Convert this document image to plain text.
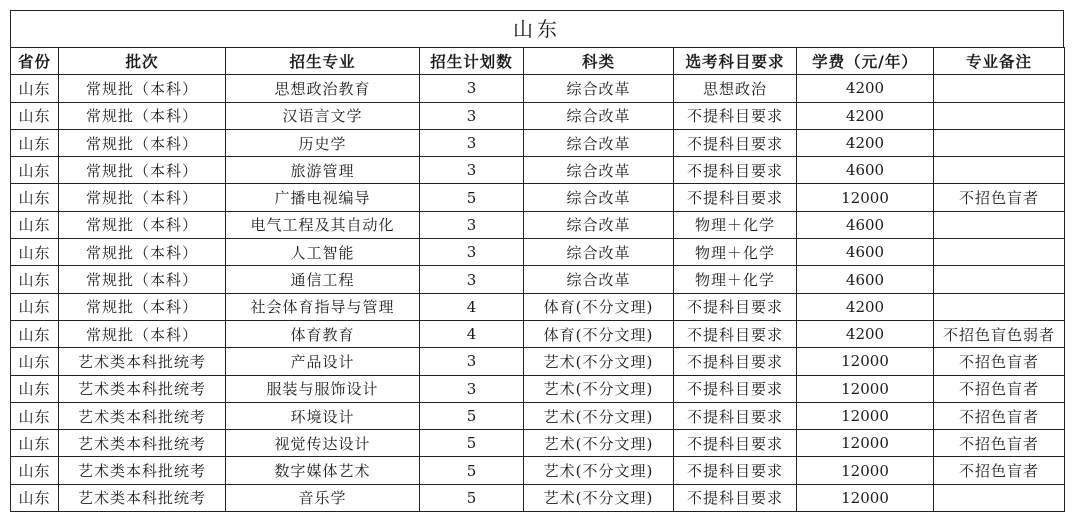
山东
省份	批次	招生专业	招生计划数	科类	选考科目要求	学费（元/年）	专业备注
山东	常规批（本科）	思想政治教育	3	综合改革	思想政治	4200	
山东	常规批（本科）	汉语言文学	3	综合改革	不提科目要求	4200	
山东	常规批（本科）	历史学	3	综合改革	不提科目要求	4200	
山东	常规批（本科）	旅游管理	3	综合改革	不提科目要求	4600	
山东	常规批（本科）	广播电视编导	5	综合改革	不提科目要求	12000	不招色盲者
山东	常规批（本科）	电气工程及其自动化	3	综合改革	物理＋化学	4600	
山东	常规批（本科）	人工智能	3	综合改革	物理＋化学	4600	
山东	常规批（本科）	通信工程	3	综合改革	物理＋化学	4600	
山东	常规批（本科）	社会体育指导与管理	4	体育(不分文理)	不提科目要求	4200	
山东	常规批（本科）	体育教育	4	体育(不分文理)	不提科目要求	4200	不招色盲色弱者
山东	艺术类本科批统考	产品设计	3	艺术(不分文理)	不提科目要求	12000	不招色盲者
山东	艺术类本科批统考	服装与服饰设计	3	艺术(不分文理)	不提科目要求	12000	不招色盲者
山东	艺术类本科批统考	环境设计	5	艺术(不分文理)	不提科目要求	12000	不招色盲者
山东	艺术类本科批统考	视觉传达设计	5	艺术(不分文理)	不提科目要求	12000	不招色盲者
山东	艺术类本科批统考	数字媒体艺术	5	艺术(不分文理)	不提科目要求	12000	不招色盲者
山东	艺术类本科批统考	音乐学	5	艺术(不分文理)	不提科目要求	12000	
